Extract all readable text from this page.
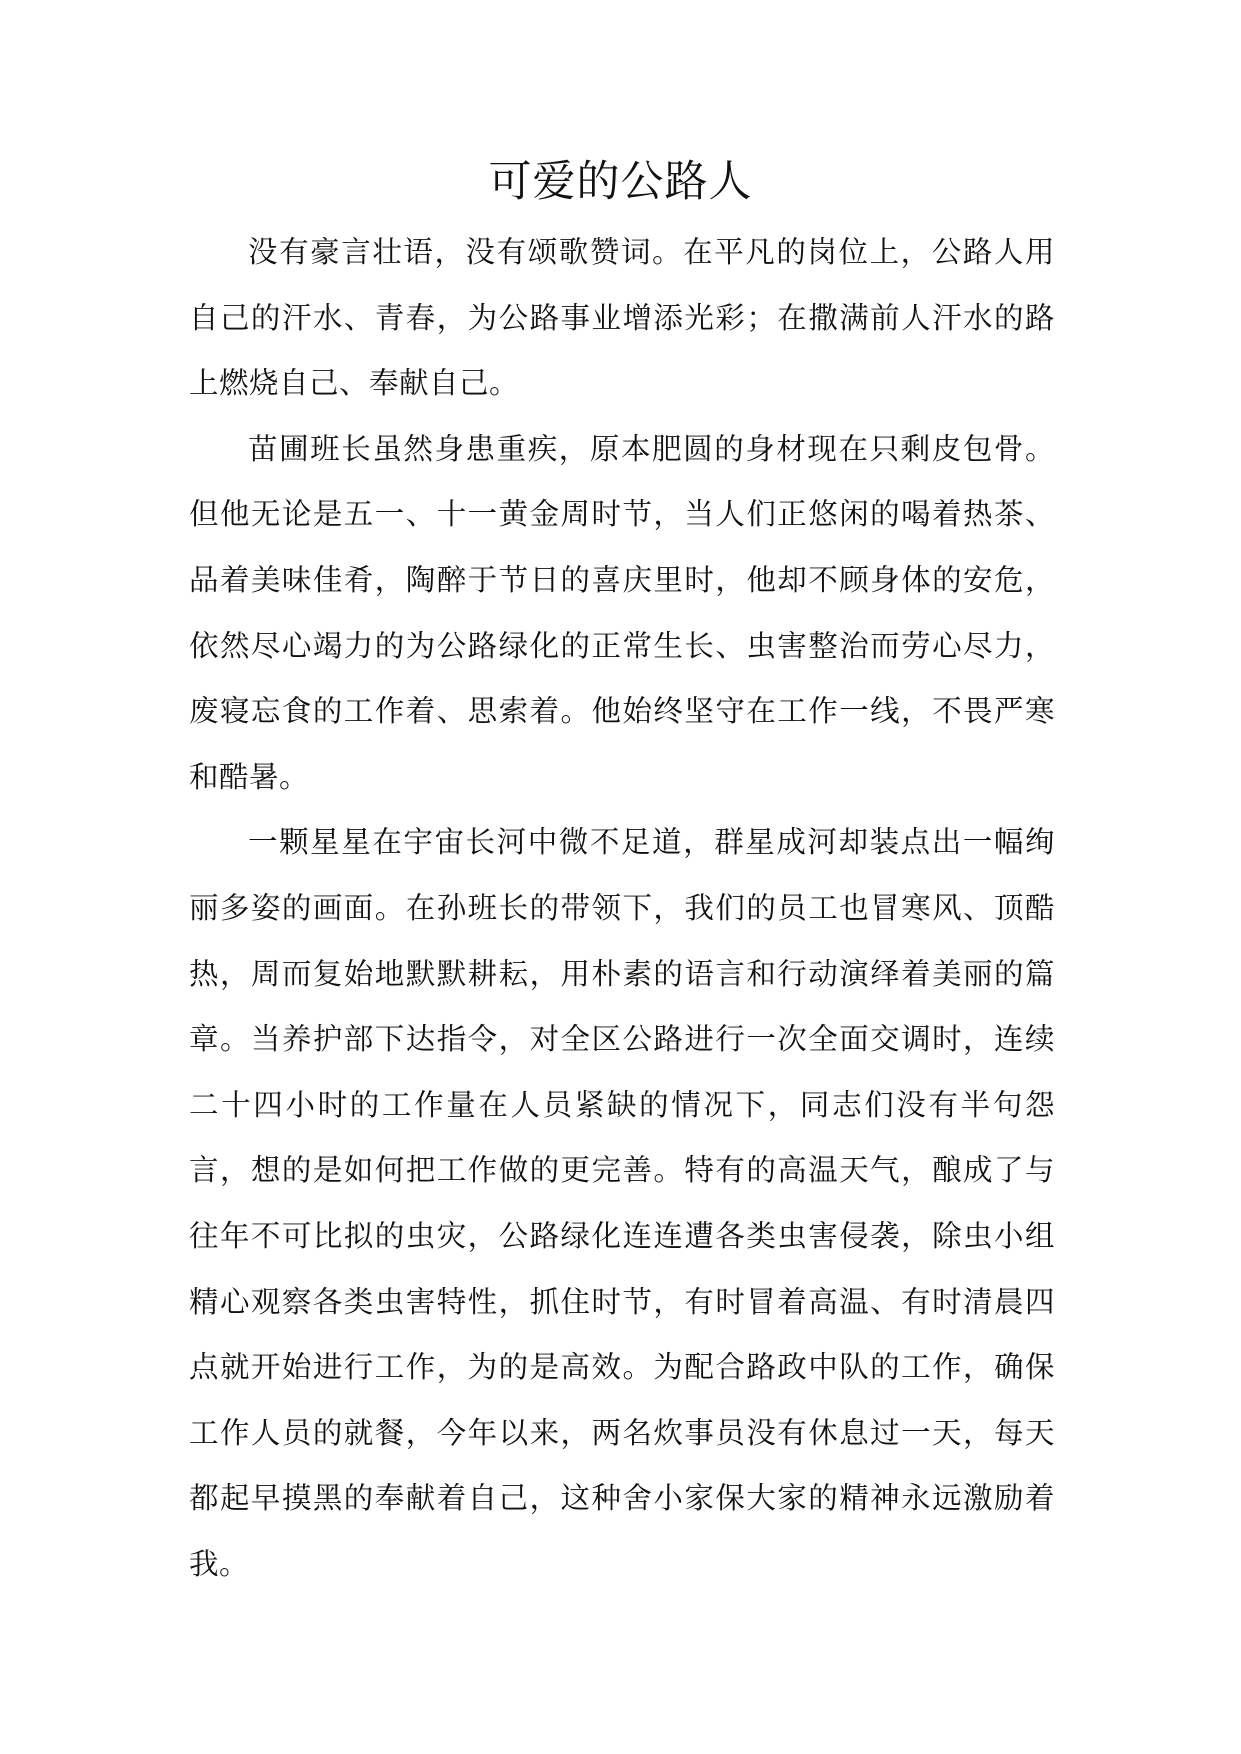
可爱的公路人

没有豪言壮语，没有颂歌赞词。在平凡的岗位上，公路人用自己的汗水、青春，为公路事业增添光彩；在撒满前人汗水的路上燃烧自己、奉献自己。

苗圃班长虽然身患重疾，原本肥圆的身材现在只剩皮包骨。但他无论是五一、十一黄金周时节，当人们正悠闲的喝着热茶、品着美味佳肴，陶醉于节日的喜庆里时，他却不顾身体的安危，依然尽心竭力的为公路绿化的正常生长、虫害整治而劳心尽力，废寝忘食的工作着、思索着。他始终坚守在工作一线，不畏严寒和酷暑。

一颗星星在宇宙长河中微不足道，群星成河却装点出一幅绚丽多姿的画面。在孙班长的带领下，我们的员工也冒寒风、顶酷热，周而复始地默默耕耘，用朴素的语言和行动演绎着美丽的篇章。当养护部下达指令，对全区公路进行一次全面交调时，连续二十四小时的工作量在人员紧缺的情况下，同志们没有半句怨言，想的是如何把工作做的更完善。特有的高温天气，酿成了与往年不可比拟的虫灾，公路绿化连连遭各类虫害侵袭，除虫小组精心观察各类虫害特性，抓住时节，有时冒着高温、有时清晨四点就开始进行工作，为的是高效。为配合路政中队的工作，确保工作人员的就餐，今年以来，两名炊事员没有休息过一天，每天都起早摸黑的奉献着自己，这种舍小家保大家的精神永远激励着我。
